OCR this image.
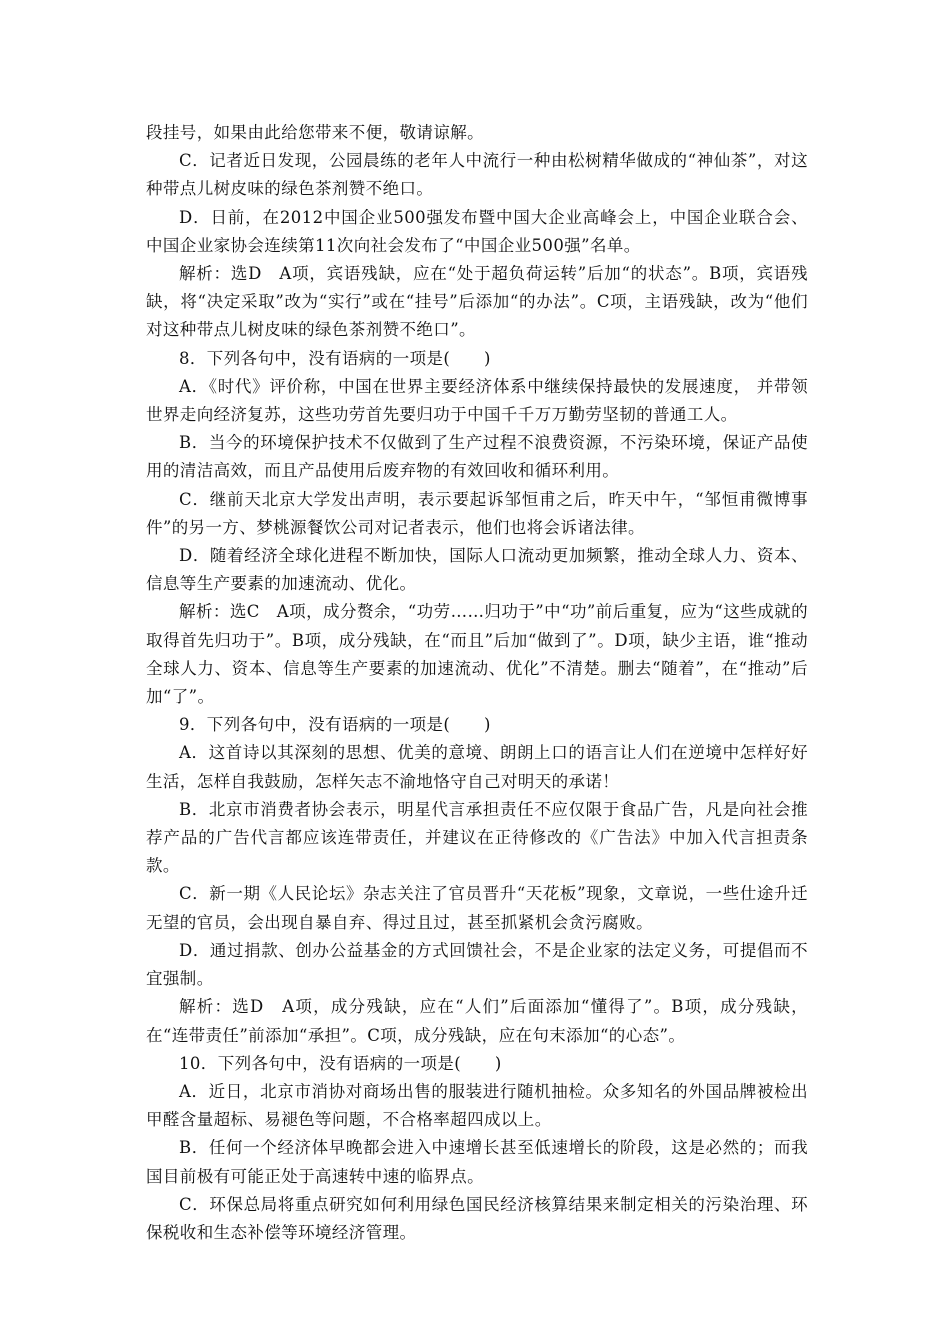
段挂号，如果由此给您带来不便，敬请谅解。

C．记者近日发现，公园晨练的老年人中流行一种由松树精华做成的“神仙茶”，对这种带点儿树皮味的绿色茶剂赞不绝口。

D．日前，在2012中国企业500强发布暨中国大企业高峰会上，中国企业联合会、中国企业家协会连续第11次向社会发布了“中国企业500强”名单。

解析：选D　A项，宾语残缺，应在“处于超负荷运转”后加“的状态”。B项，宾语残缺，将“决定采取”改为“实行”或在“挂号”后添加“的办法”。C项，主语残缺，改为“他们对这种带点儿树皮味的绿色茶剂赞不绝口”。

8．下列各句中，没有语病的一项是(　　)

A．《时代》评价称，中国在世界主要经济体系中继续保持最快的发展速度， 并带领世界走向经济复苏，这些功劳首先要归功于中国千千万万勤劳坚韧的普通工人。

B．当今的环境保护技术不仅做到了生产过程不浪费资源，不污染环境，保证产品使用的清洁高效，而且产品使用后废弃物的有效回收和循环利用。

C．继前天北京大学发出声明，表示要起诉邹恒甫之后，昨天中午，“邹恒甫微博事件”的另一方、梦桃源餐饮公司对记者表示，他们也将会诉诸法律。

D．随着经济全球化进程不断加快，国际人口流动更加频繁，推动全球人力、资本、信息等生产要素的加速流动、优化。

解析：选C　A项，成分赘余，“功劳……归功于”中“功”前后重复，应为“这些成就的取得首先归功于”。B项，成分残缺，在“而且”后加“做到了”。D项，缺少主语，谁“推动全球人力、资本、信息等生产要素的加速流动、优化”不清楚。删去“随着”，在“推动”后加“了”。

9．下列各句中，没有语病的一项是(　　)

A．这首诗以其深刻的思想、优美的意境、朗朗上口的语言让人们在逆境中怎样好好生活，怎样自我鼓励，怎样矢志不渝地恪守自己对明天的承诺！

B．北京市消费者协会表示，明星代言承担责任不应仅限于食品广告，凡是向社会推荐产品的广告代言都应该连带责任，并建议在正待修改的《广告法》中加入代言担责条款。

C．新一期《人民论坛》杂志关注了官员晋升“天花板”现象，文章说，一些仕途升迁无望的官员，会出现自暴自弃、得过且过，甚至抓紧机会贪污腐败。

D．通过捐款、创办公益基金的方式回馈社会，不是企业家的法定义务，可提倡而不宜强制。

解析：选D　A项，成分残缺，应在“人们”后面添加“懂得了”。B项，成分残缺，在“连带责任”前添加“承担”。C项，成分残缺，应在句末添加“的心态”。

10．下列各句中，没有语病的一项是(　　)

A．近日，北京市消协对商场出售的服装进行随机抽检。众多知名的外国品牌被检出甲醛含量超标、易褪色等问题，不合格率超四成以上。

B．任何一个经济体早晚都会进入中速增长甚至低速增长的阶段，这是必然的；而我国目前极有可能正处于高速转中速的临界点。

C．环保总局将重点研究如何利用绿色国民经济核算结果来制定相关的污染治理、环保税收和生态补偿等环境经济管理。
